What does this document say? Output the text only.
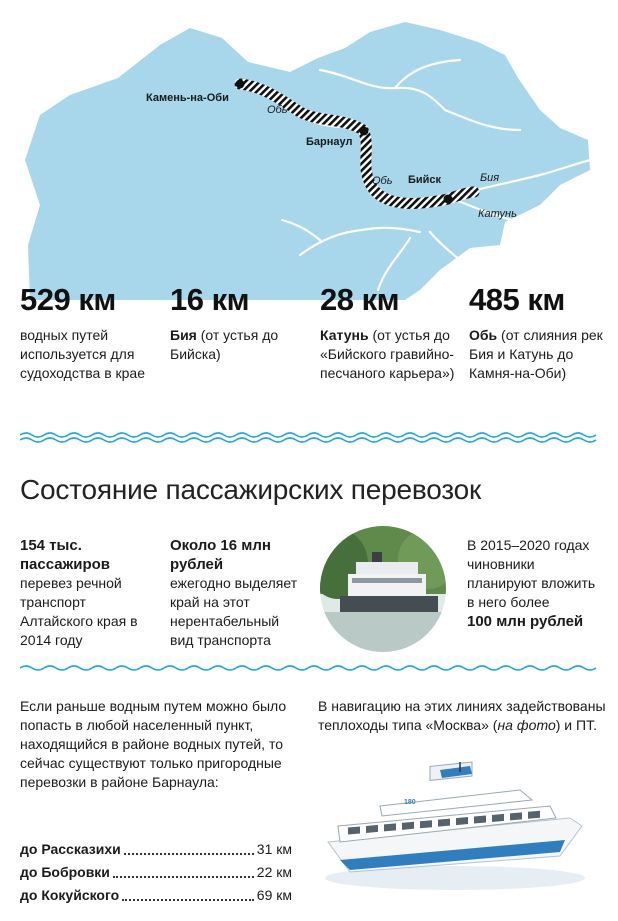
Камень-на-Оби
Барнаул
Бийск
Обь
Обь	Бия
Катунь
529 км
водных путей используется для судоходства в крае
16 км
Бия (от устья до Бийска)
28 км
Катунь (от устья до «Бийского гравийно-песчаного карьера»)
485 км
Обь (от слияния рек Бия и Катунь до Камня-на-Оби)
Состояние пассажирских перевозок
154 тыс. пассажиров
перевез речной транспорт Алтайского края в 2014 году
Около 16 млн рублей
ежегодно выделяет край на этот нерентабельный вид транспорта
В 2015–2020 годах чиновники планируют вложить в него более
100 млн рублей
Если раньше водным путем можно было попасть в любой населенный пункт, находящийся в районе водных путей, то сейчас существуют только пригородные перевозки в районе Барнаула:
до Рассказихи	31 км
до Бобровки	22 км
до Кокуйского	69 км
В навигацию на этих линиях задействованы теплоходы типа «Москва» (на фото) и ПТ.
180
